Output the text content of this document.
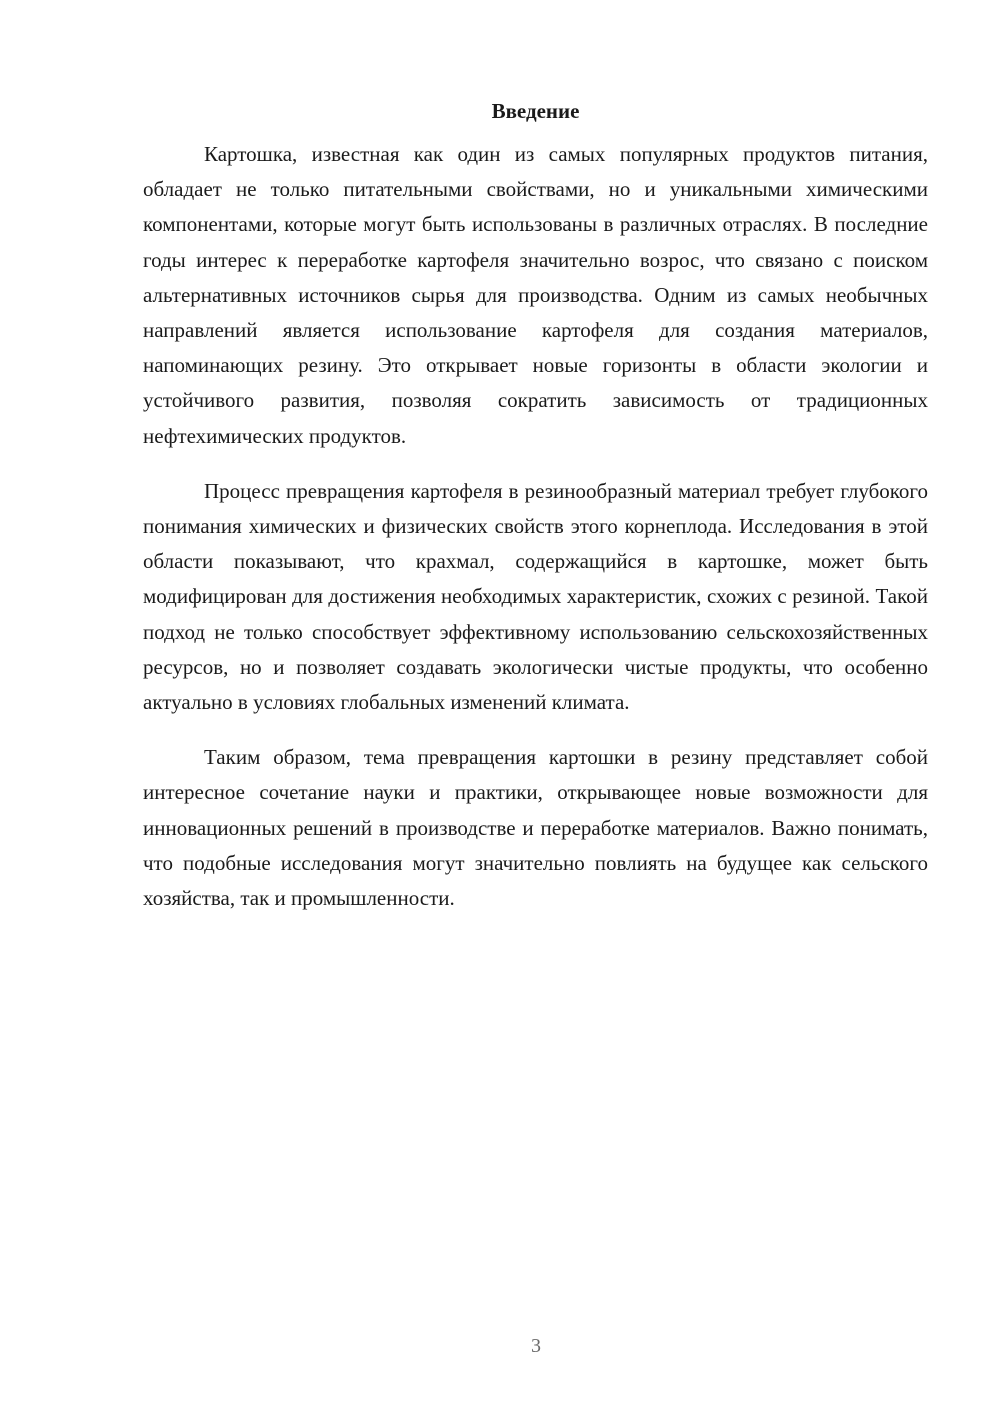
Введение

Картошка, известная как один из самых популярных продуктов питания, обладает не только питательными свойствами, но и уникальными химическими компонентами, которые могут быть использованы в различных отраслях. В последние годы интерес к переработке картофеля значительно возрос, что связано с поиском альтернативных источников сырья для производства. Одним из самых необычных направлений является использование картофеля для создания материалов, напоминающих резину. Это открывает новые горизонты в области экологии и устойчивого развития, позволяя сократить зависимость от традиционных нефтехимических продуктов.

Процесс превращения картофеля в резинообразный материал требует глубокого понимания химических и физических свойств этого корнеплода. Исследования в этой области показывают, что крахмал, содержащийся в картошке, может быть модифицирован для достижения необходимых характеристик, схожих с резиной. Такой подход не только способствует эффективному использованию сельскохозяйственных ресурсов, но и позволяет создавать экологически чистые продукты, что особенно актуально в условиях глобальных изменений климата.

Таким образом, тема превращения картошки в резину представляет собой интересное сочетание науки и практики, открывающее новые возможности для инновационных решений в производстве и переработке материалов. Важно понимать, что подобные исследования могут значительно повлиять на будущее как сельского хозяйства, так и промышленности.

3
